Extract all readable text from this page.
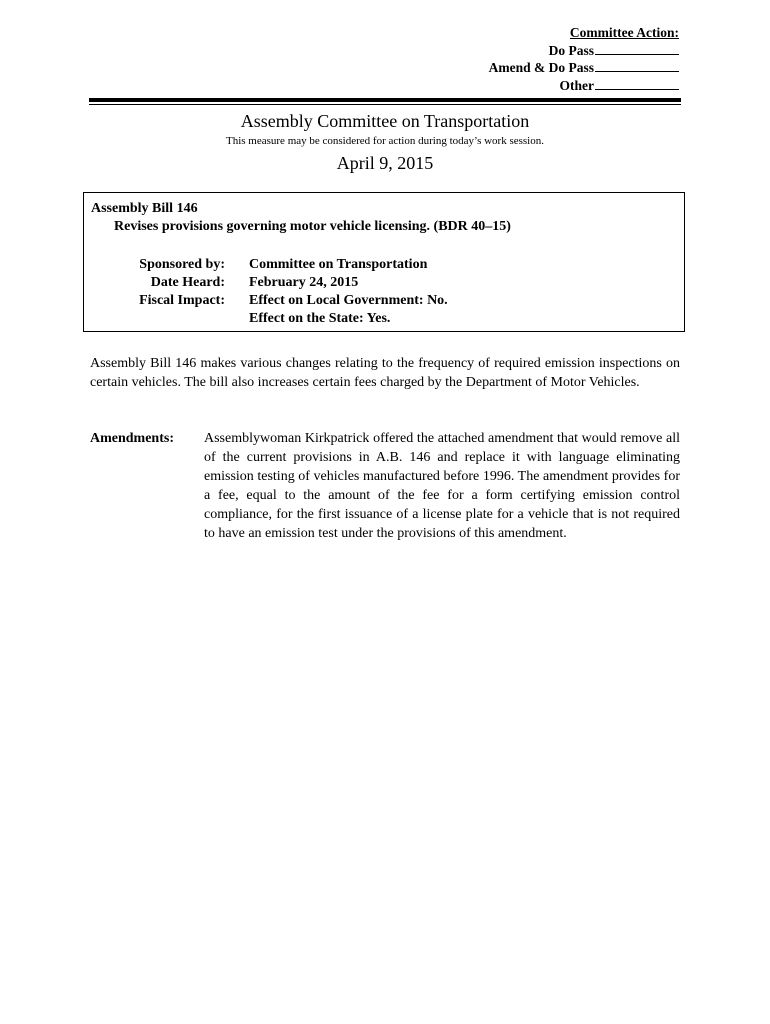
Committee Action:
Do Pass
Amend & Do Pass
Other
Assembly Committee on Transportation
This measure may be considered for action during today’s work session.
April 9, 2015
Assembly Bill 146
Revises provisions governing motor vehicle licensing. (BDR 40–15)
Sponsored by: Committee on Transportation
Date Heard: February 24, 2015
Fiscal Impact: Effect on Local Government: No.
Effect on the State: Yes.
Assembly Bill 146 makes various changes relating to the frequency of required emission inspections on certain vehicles. The bill also increases certain fees charged by the Department of Motor Vehicles.
Amendments: Assemblywoman Kirkpatrick offered the attached amendment that would remove all of the current provisions in A.B. 146 and replace it with language eliminating emission testing of vehicles manufactured before 1996. The amendment provides for a fee, equal to the amount of the fee for a form certifying emission control compliance, for the first issuance of a license plate for a vehicle that is not required to have an emission test under the provisions of this amendment.
